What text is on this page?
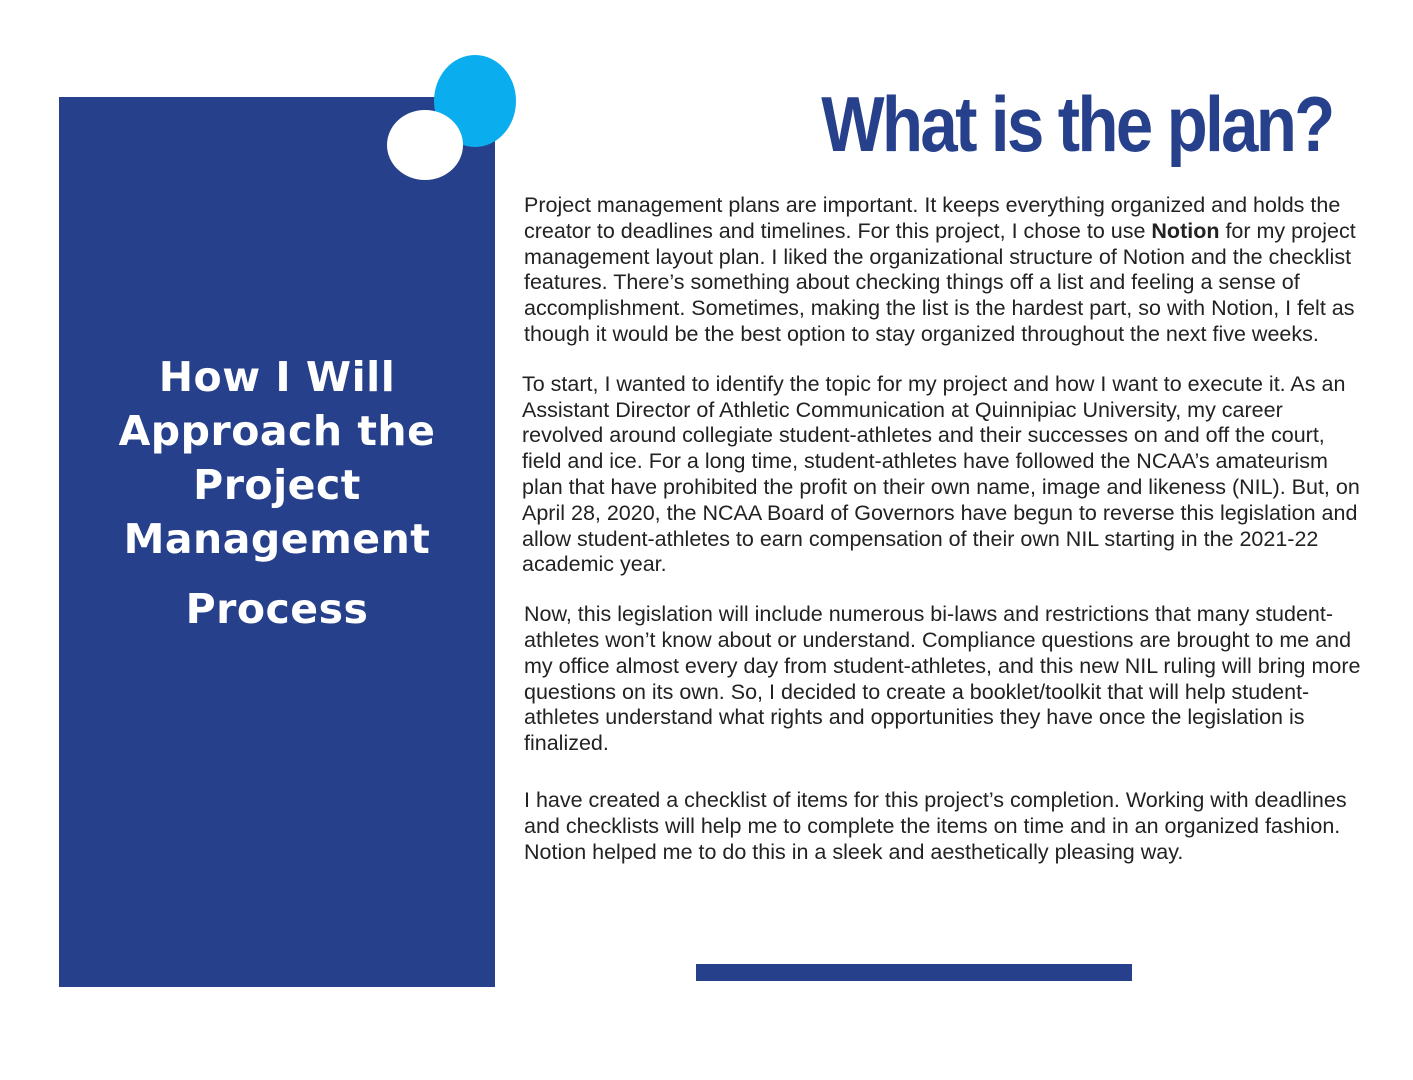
How I Will
Approach the
Project
Management
Process
What is the plan?

Project management plans are important. It keeps everything organized and holds the creator to deadlines and timelines. For this project, I chose to use Notion for my project management layout plan. I liked the organizational structure of Notion and the checklist features. There’s something about checking things off a list and feeling a sense of accomplishment. Sometimes, making the list is the hardest part, so with Notion, I felt as though it would be the best option to stay organized throughout the next five weeks.

To start, I wanted to identify the topic for my project and how I want to execute it. As an Assistant Director of Athletic Communication at Quinnipiac University, my career revolved around collegiate student-athletes and their successes on and off the court, field and ice. For a long time, student-athletes have followed the NCAA’s amateurism plan that have prohibited the profit on their own name, image and likeness (NIL). But, on April 28, 2020, the NCAA Board of Governors have begun to reverse this legislation and allow student-athletes to earn compensation of their own NIL starting in the 2021-22 academic year.

Now, this legislation will include numerous bi-laws and restrictions that many student-athletes won’t know about or understand. Compliance questions are brought to me and my office almost every day from student-athletes, and this new NIL ruling will bring more questions on its own. So, I decided to create a booklet/toolkit that will help student-athletes understand what rights and opportunities they have once the legislation is finalized.

I have created a checklist of items for this project’s completion. Working with deadlines and checklists will help me to complete the items on time and in an organized fashion. Notion helped me to do this in a sleek and aesthetically pleasing way.
